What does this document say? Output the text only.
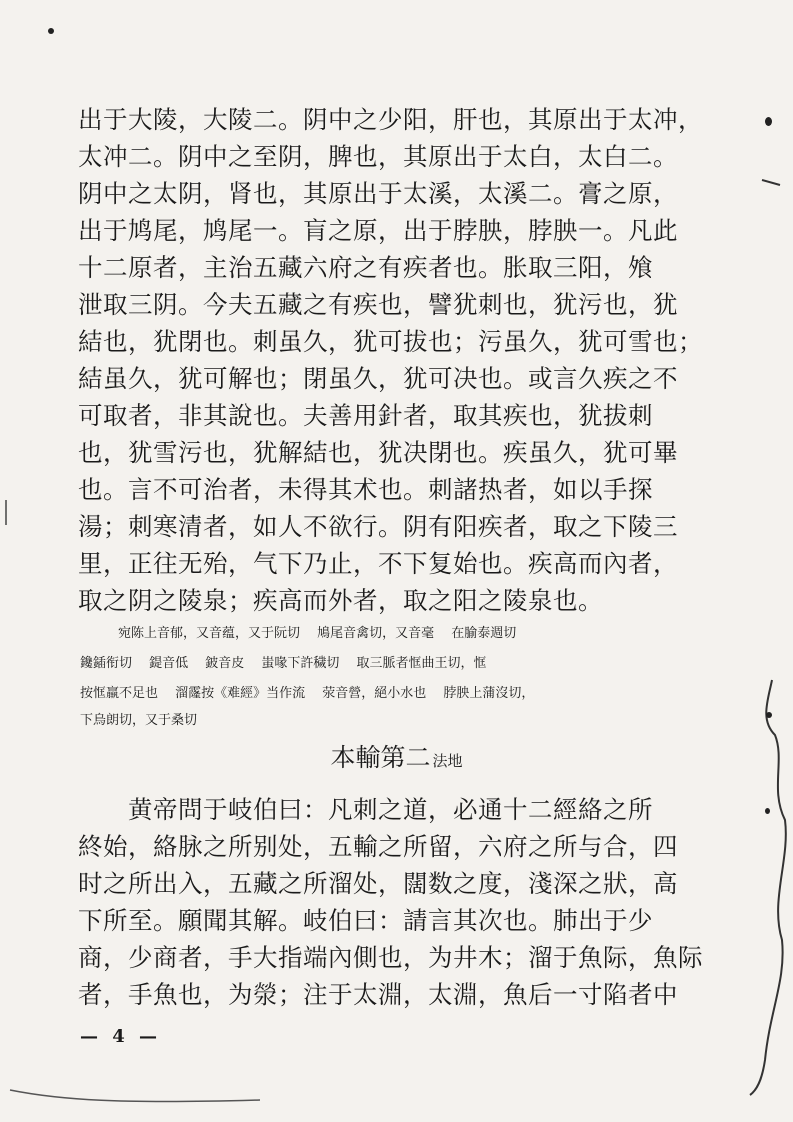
出于大陵，大陵二。阴中之少阳，肝也，其原出于太冲，
太冲二。阴中之至阴，脾也，其原出于太白，太白二。
阴中之太阴，肾也，其原出于太溪，太溪二。膏之原，
出于鸠尾，鸠尾一。肓之原，出于脖胦，脖胦一。凡此
十二原者，主治五藏六府之有疾者也。胀取三阳，飧
泄取三阴。今夫五藏之有疾也，譬犹刺也，犹污也，犹
結也，犹閉也。刺虽久，犹可拔也；污虽久，犹可雪也；
結虽久，犹可解也；閉虽久，犹可决也。或言久疾之不
可取者，非其說也。夫善用針者，取其疾也，犹拔刺
也，犹雪污也，犹解結也，犹决閉也。疾虽久，犹可畢
也。言不可治者，未得其术也。刺諸热者，如以手探
湯；刺寒清者，如人不欲行。阴有阳疾者，取之下陵三
里，正往无殆，气下乃止，不下复始也。疾高而內者，
取之阴之陵泉；疾高而外者，取之阳之陵泉也。
宛陈上音郁，又音蕴，又于阮切　 鳩尾音禽切，又音毫　 在腧泰週切
鑱鍤衔切　 鍉音低　 鈹音皮　 蚩喙下許穢切　 取三脈者恇曲王切，恇
按恇羸不足也　 溜霳按《难經》当作流　 荥音營，絕小水也　 脖胦上蒲沒切，
下烏朗切，又于桑切
本輸第二 法地
黄帝問于岐伯曰：凡刺之道，必通十二經絡之所
終始，絡脉之所别处，五輸之所留，六府之所与合，四
时之所出入，五藏之所溜处，闊数之度，淺深之狀，高
下所至。願聞其解。岐伯曰：請言其次也。肺出于少
商，少商者，手大指端內側也，为井木；溜于魚际，魚际
者，手魚也，为滎；注于太淵，太淵，魚后一寸陷者中
— 4 —
